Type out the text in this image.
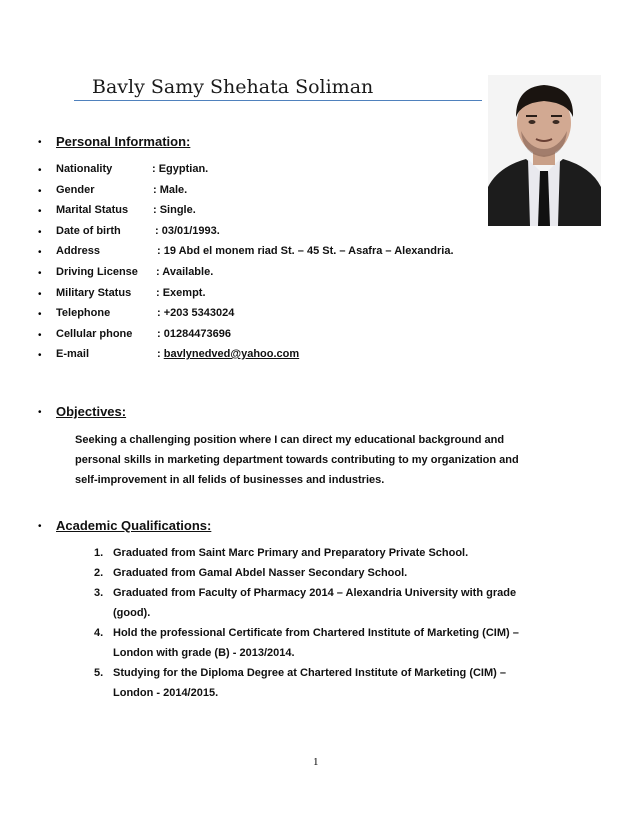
Bavly Samy Shehata Soliman
• Personal Information:
• Nationality	: Egyptian.
• Gender	: Male.
• Marital Status : Single.
• Date of birth	: 03/01/1993.
• Address	: 19 Abd el monem riad St. – 45 St. – Asafra – Alexandria.
• Driving License : Available.
• Military Status : Exempt.
• Telephone	: +203 5343024
• Cellular phone : 01284473696
• E-mail	: bavlynedved@yahoo.com
• Objectives:
Seeking a challenging position where I can direct my educational background and
personal skills in marketing department towards contributing to my organization and
self-improvement in all felids of businesses and industries.
• Academic Qualifications:
1. Graduated from Saint Marc Primary and Preparatory Private School.
2. Graduated from Gamal Abdel Nasser Secondary School.
3. Graduated from Faculty of Pharmacy 2014 – Alexandria University with grade
(good).
4. Hold the professional Certificate from Chartered Institute of Marketing (CIM) –
London with grade (B) - 2013/2014.
5. Studying for the Diploma Degree at Chartered Institute of Marketing (CIM) –
London - 2014/2015.
1
